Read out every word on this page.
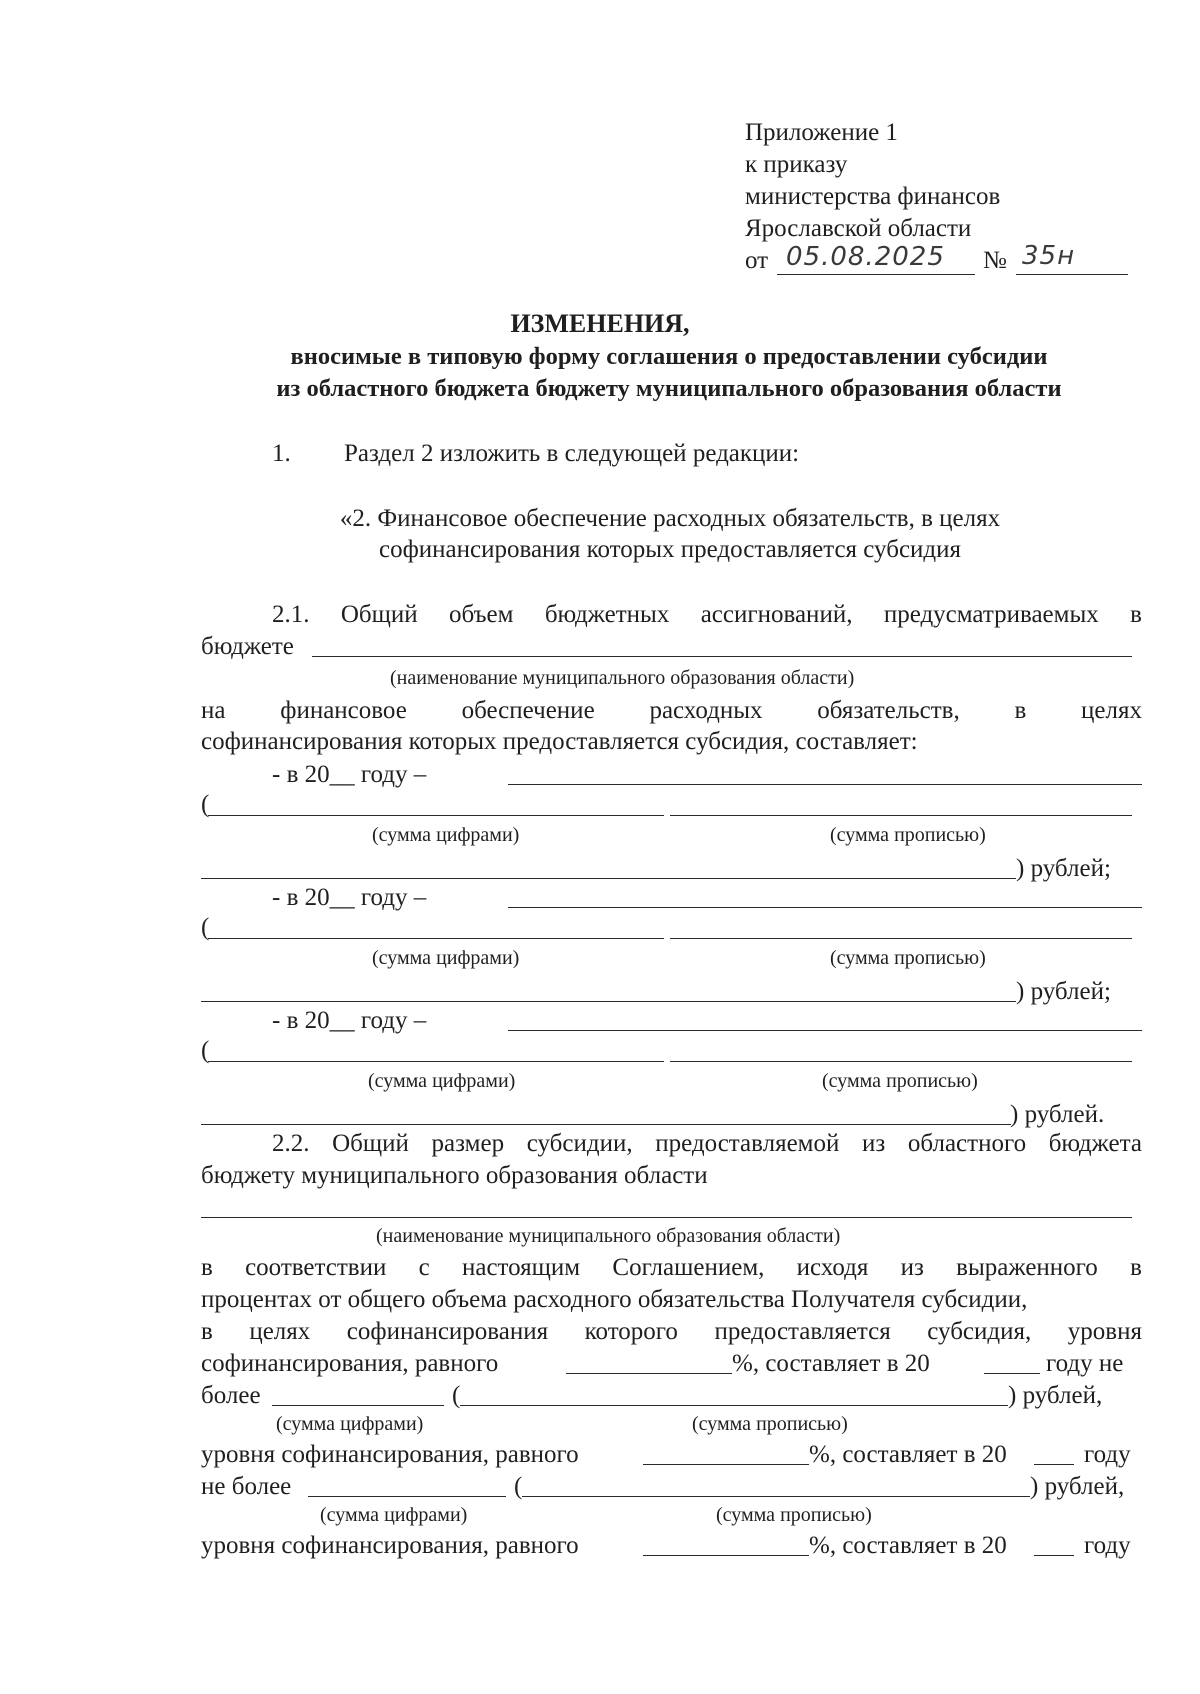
Приложение 1
к приказу
министерства финансов
Ярославской области
от 05.08.2025 № 35н
ИЗМЕНЕНИЯ,
вносимые в типовую форму соглашения о предоставлении субсидии
из областного бюджета бюджету муниципального образования области
1. Раздел 2 изложить в следующей редакции:
«2. Финансовое обеспечение расходных обязательств, в целях
софинансирования которых предоставляется субсидия
2.1. Общий объем бюджетных ассигнований, предусматриваемых в
бюджете
(наименование муниципального образования области)
на финансовое обеспечение расходных обязательств, в целях
софинансирования которых предоставляется субсидия, составляет:
- в 20__ году –
(
(сумма цифрами)	(сумма прописью)
) рублей;
- в 20__ году –
(
(сумма цифрами)	(сумма прописью)
) рублей;
- в 20__ году –
(
(сумма цифрами)	(сумма прописью)
) рублей.
2.2. Общий размер субсидии, предоставляемой из областного бюджета
бюджету муниципального образования области
(наименование муниципального образования области)
в соответствии с настоящим Соглашением, исходя из выраженного в
процентах от общего объема расходного обязательства Получателя субсидии,
в целях софинансирования которого предоставляется субсидия, уровня
софинансирования, равного	%, составляет в 20	году не
более	(	) рублей,
(сумма цифрами)	(сумма прописью)
уровня софинансирования, равного	%, составляет в 20	году
не более	(	) рублей,
(сумма цифрами)	(сумма прописью)
уровня софинансирования, равного	%, составляет в 20	году
